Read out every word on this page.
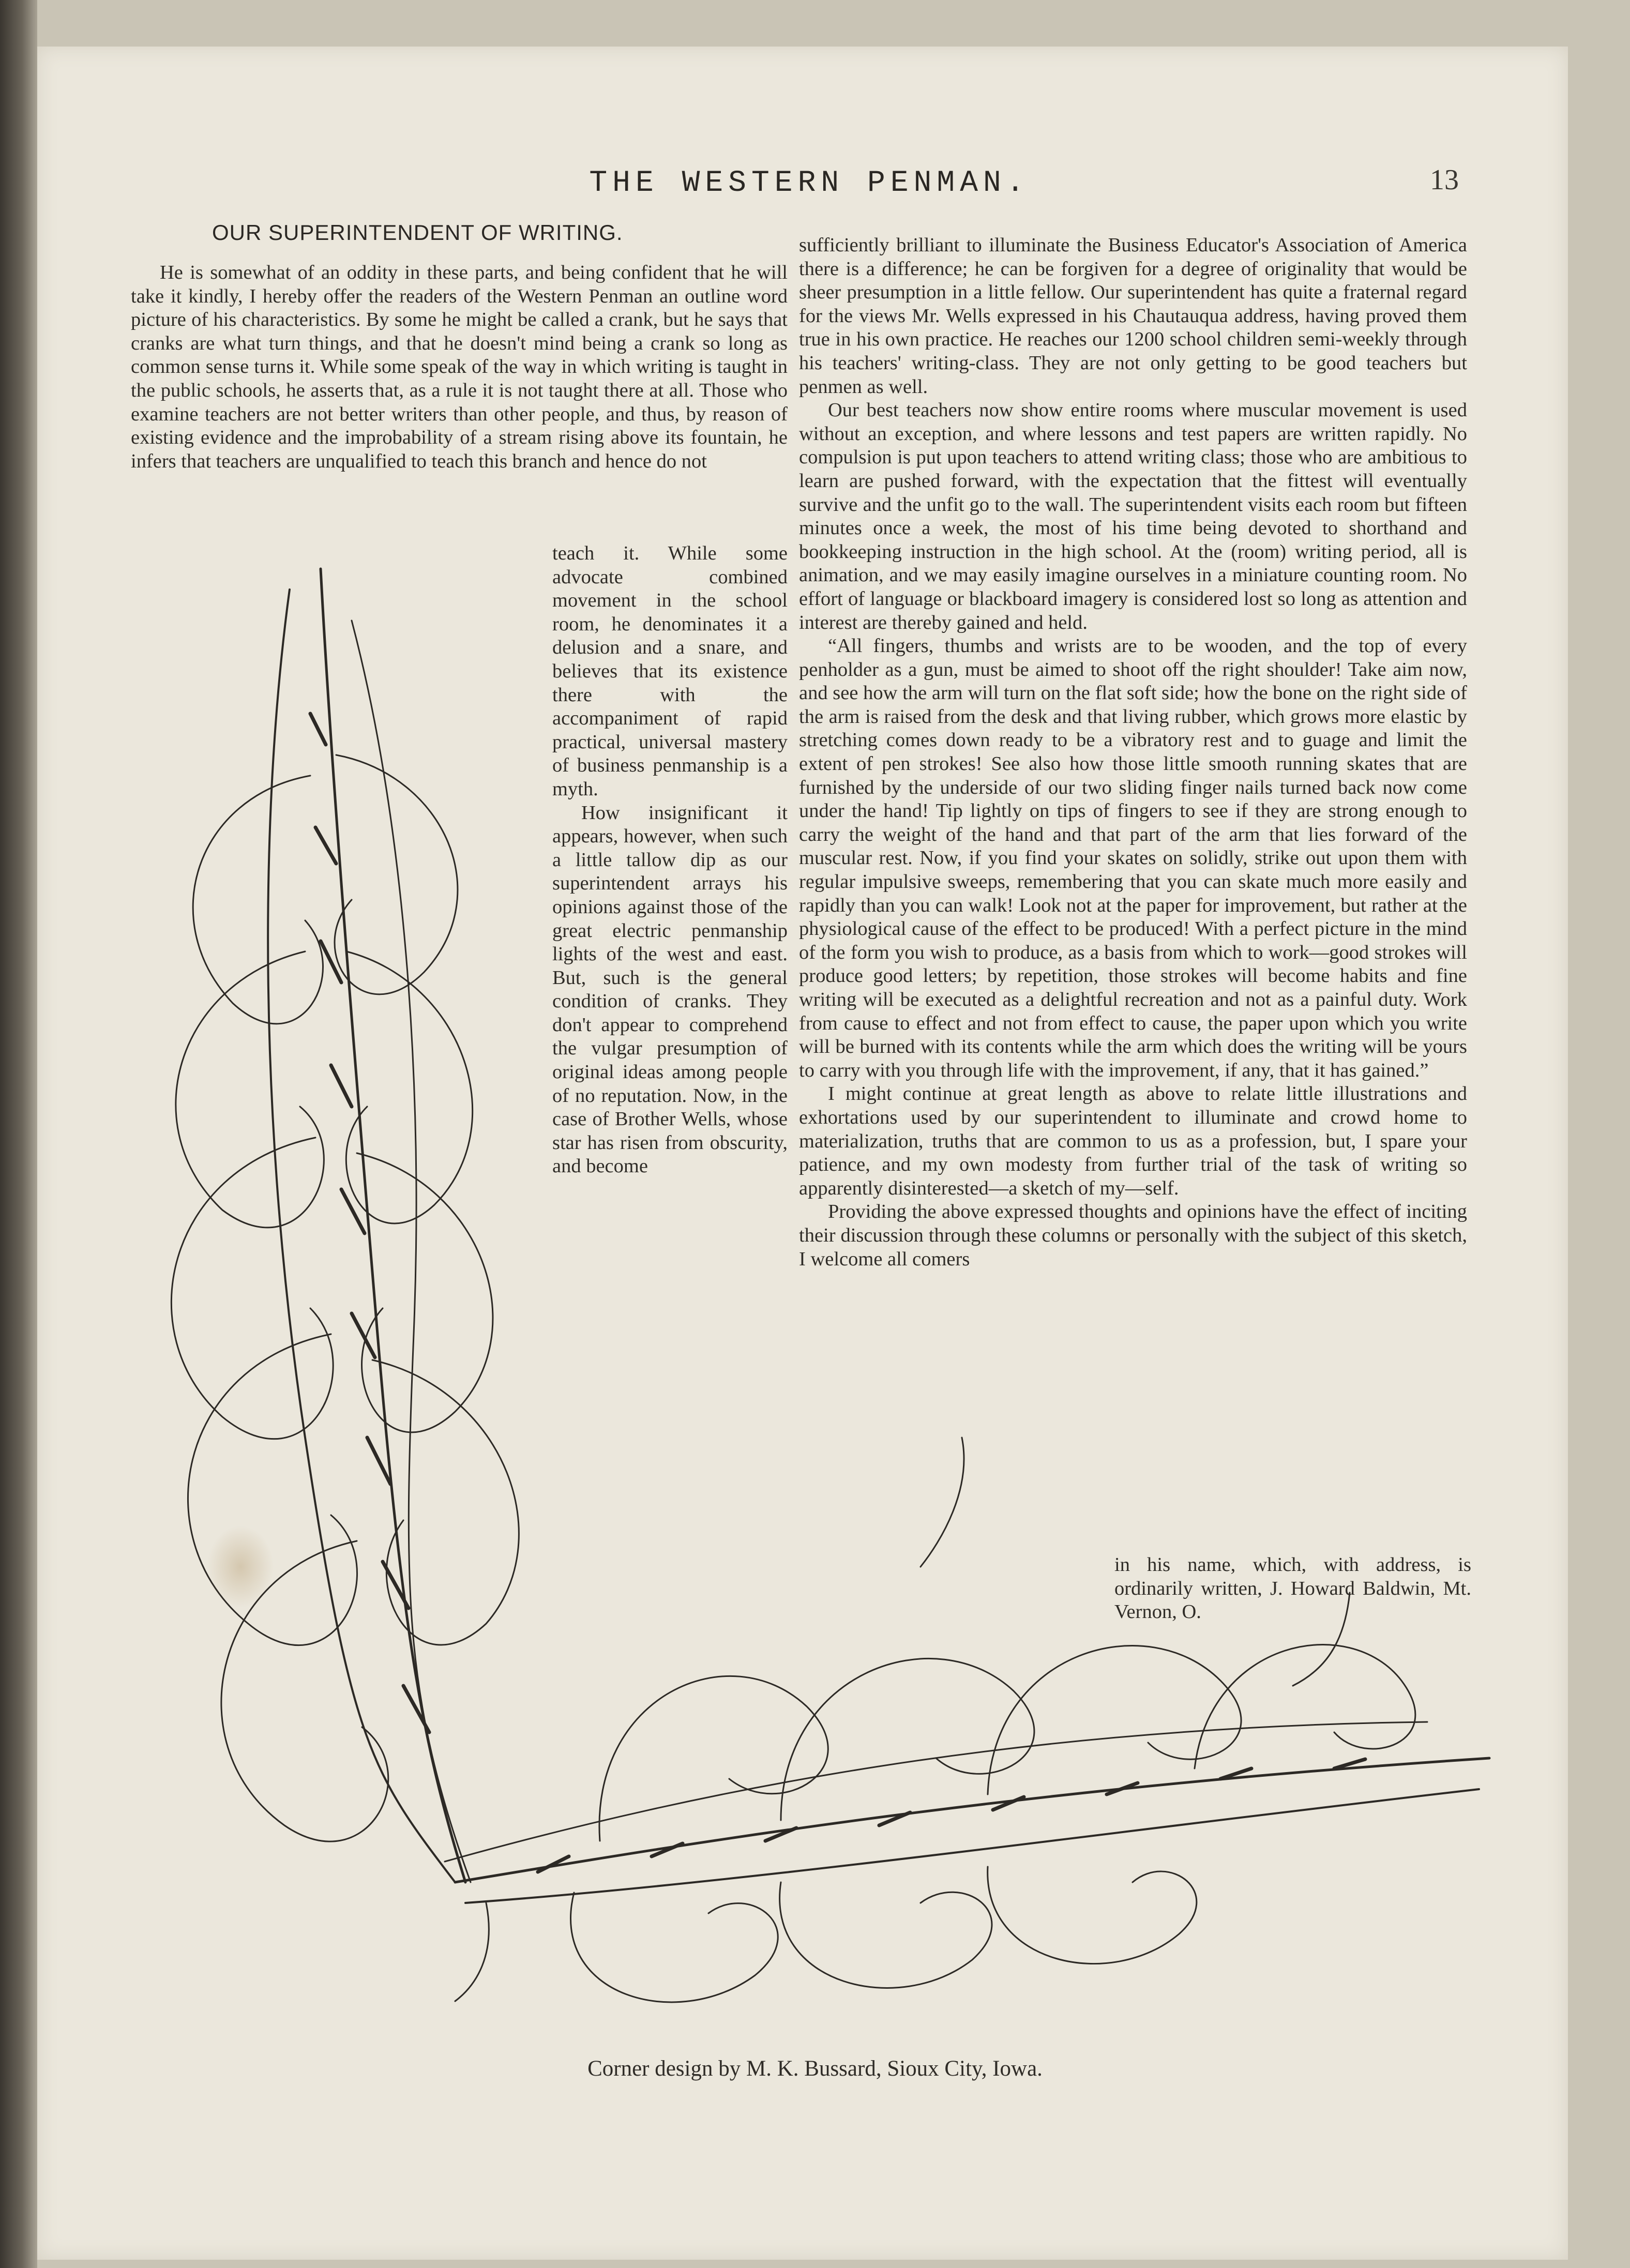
THE WESTERN PENMAN.	13
OUR SUPERINTENDENT OF WRITING.

He is somewhat of an oddity in these parts, and being confident that he will take it kindly, I hereby offer the readers of the Western Penman an outline word picture of his characteristics. By some he might be called a crank, but he says that cranks are what turn things, and that he doesn't mind being a crank so long as common sense turns it. While some speak of the way in which writing is taught in the public schools, he asserts that, as a rule it is not taught there at all. Those who examine teachers are not better writers than other people, and thus, by reason of existing evidence and the improbability of a stream rising above its fountain, he infers that teachers are unqualified to teach this branch and hence do not

teach it. While some advocate combined movement in the school room, he denominates it a delusion and a snare, and believes that its existence there with the accompaniment of rapid practical, universal mastery of business penmanship is a myth.

How insignificant it appears, however, when such a little tallow dip as our superintendent arrays his opinions against those of the great electric penmanship lights of the west and east. But, such is the general condition of cranks. They don't appear to comprehend the vulgar presumption of original ideas among people of no reputation. Now, in the case of Brother Wells, whose star has risen from obscurity, and become

sufficiently brilliant to illuminate the Business Educator's Association of America there is a difference; he can be forgiven for a degree of originality that would be sheer presumption in a little fellow. Our superintendent has quite a fraternal regard for the views Mr. Wells expressed in his Chautauqua address, having proved them true in his own practice. He reaches our 1200 school children semi-weekly through his teachers' writing-class. They are not only getting to be good teachers but penmen as well.

Our best teachers now show entire rooms where muscular movement is used without an exception, and where lessons and test papers are written rapidly. No compulsion is put upon teachers to attend writing class; those who are ambitious to learn are pushed forward, with the expectation that the fittest will eventually survive and the unfit go to the wall. The superintendent visits each room but fifteen minutes once a week, the most of his time being devoted to shorthand and bookkeeping instruction in the high school. At the (room) writing period, all is animation, and we may easily imagine ourselves in a miniature counting room. No effort of language or blackboard imagery is considered lost so long as attention and interest are thereby gained and held.

“All fingers, thumbs and wrists are to be wooden, and the top of every penholder as a gun, must be aimed to shoot off the right shoulder! Take aim now, and see how the arm will turn on the flat soft side; how the bone on the right side of the arm is raised from the desk and that living rubber, which grows more elastic by stretching comes down ready to be a vibratory rest and to guage and limit the extent of pen strokes! See also how those little smooth running skates that are furnished by the underside of our two sliding finger nails turned back now come under the hand! Tip lightly on tips of fingers to see if they are strong enough to carry the weight of the hand and that part of the arm that lies forward of the muscular rest. Now, if you find your skates on solidly, strike out upon them with regular impulsive sweeps, remembering that you can skate much more easily and rapidly than you can walk! Look not at the paper for improvement, but rather at the physiological cause of the effect to be produced! With a perfect picture in the mind of the form you wish to produce, as a basis from which to work—good strokes will produce good letters; by repetition, those strokes will become habits and fine writing will be executed as a delightful recreation and not as a painful duty. Work from cause to effect and not from effect to cause, the paper upon which you write will be burned with its contents while the arm which does the writing will be yours to carry with you through life with the improvement, if any, that it has gained.”

I might continue at great length as above to relate little illustrations and exhortations used by our superintendent to illuminate and crowd home to materialization, truths that are common to us as a profession, but, I spare your patience, and my own modesty from further trial of the task of writing so apparently disinterested—a sketch of my—self.

Providing the above expressed thoughts and opinions have the effect of inciting their discussion through these columns or personally with the subject of this sketch, I welcome all comers

in his name, which, with address, is ordinarily written, J. Howard Baldwin, Mt. Vernon, O.

Corner design by M. K. Bussard, Sioux City, Iowa.
